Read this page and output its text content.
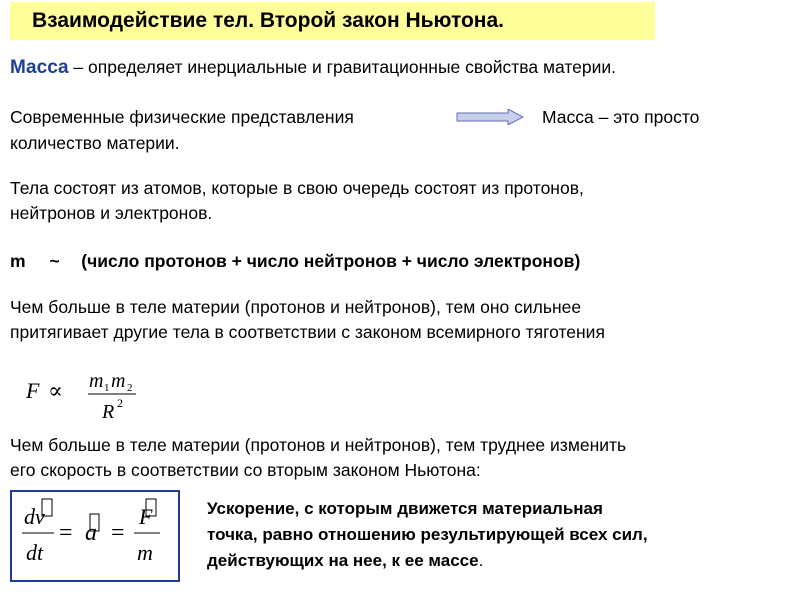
Взаимодействие тел. Второй закон Ньютона.
Масса – определяет инерциальные и гравитационные свойства материи.
Современные физические представления	Масса – это просто
количество материи.
Тела состоят из атомов, которые в свою очередь состоят из протонов,
нейтронов и электронов.
m ~ (число протонов + число нейтронов + число электронов)
Чем больше в теле материи (протонов и нейтронов), тем оно сильнее
притягивает другие тела в соответствии с законом всемирного тяготения
F ∝ m 1 m 2
R 2
Чем больше в теле материи (протонов и нейтронов), тем труднее изменить
его скорость в соответствии со вторым законом Ньютона:
dv
dt
= a =
F
m
Ускорение, с которым движется материальная
точка, равно отношению результирующей всех сил,
действующих на нее, к ее массе.
